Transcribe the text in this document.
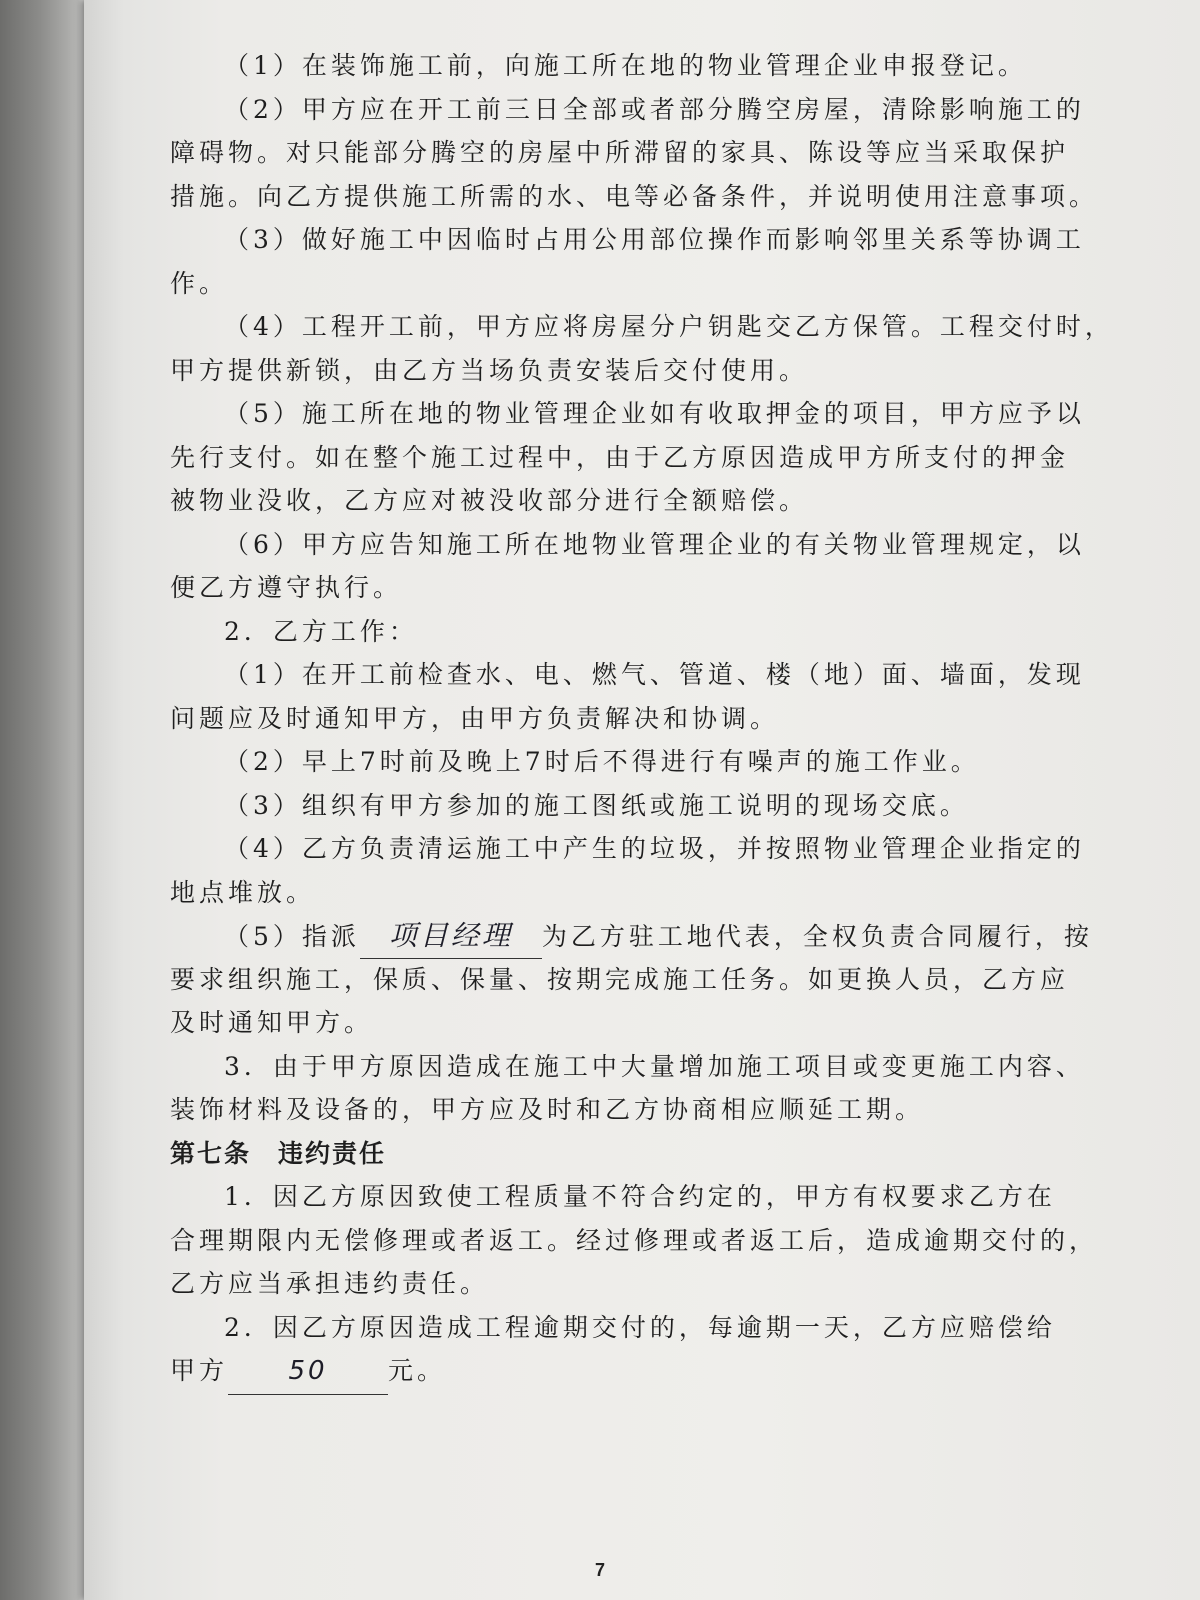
（1）在装饰施工前，向施工所在地的物业管理企业申报登记。
（2）甲方应在开工前三日全部或者部分腾空房屋，清除影响施工的
障碍物。对只能部分腾空的房屋中所滞留的家具、陈设等应当采取保护
措施。向乙方提供施工所需的水、电等必备条件，并说明使用注意事项。
（3）做好施工中因临时占用公用部位操作而影响邻里关系等协调工
作。
（4）工程开工前，甲方应将房屋分户钥匙交乙方保管。工程交付时，
甲方提供新锁，由乙方当场负责安装后交付使用。
（5）施工所在地的物业管理企业如有收取押金的项目，甲方应予以
先行支付。如在整个施工过程中，由于乙方原因造成甲方所支付的押金
被物业没收，乙方应对被没收部分进行全额赔偿。
（6）甲方应告知施工所在地物业管理企业的有关物业管理规定，以
便乙方遵守执行。
2．乙方工作：
（1）在开工前检查水、电、燃气、管道、楼（地）面、墙面，发现
问题应及时通知甲方，由甲方负责解决和协调。
（2）早上7时前及晚上7时后不得进行有噪声的施工作业。
（3）组织有甲方参加的施工图纸或施工说明的现场交底。
（4）乙方负责清运施工中产生的垃圾，并按照物业管理企业指定的
地点堆放。
（5）指派 项目经理 为乙方驻工地代表，全权负责合同履行，按
要求组织施工，保质、保量、按期完成施工任务。如更换人员，乙方应
及时通知甲方。
3．由于甲方原因造成在施工中大量增加施工项目或变更施工内容、
装饰材料及设备的，甲方应及时和乙方协商相应顺延工期。
第七条　违约责任
1．因乙方原因致使工程质量不符合约定的，甲方有权要求乙方在
合理期限内无偿修理或者返工。经过修理或者返工后，造成逾期交付的，
乙方应当承担违约责任。
2．因乙方原因造成工程逾期交付的，每逾期一天，乙方应赔偿给
甲方 50 元。
7
